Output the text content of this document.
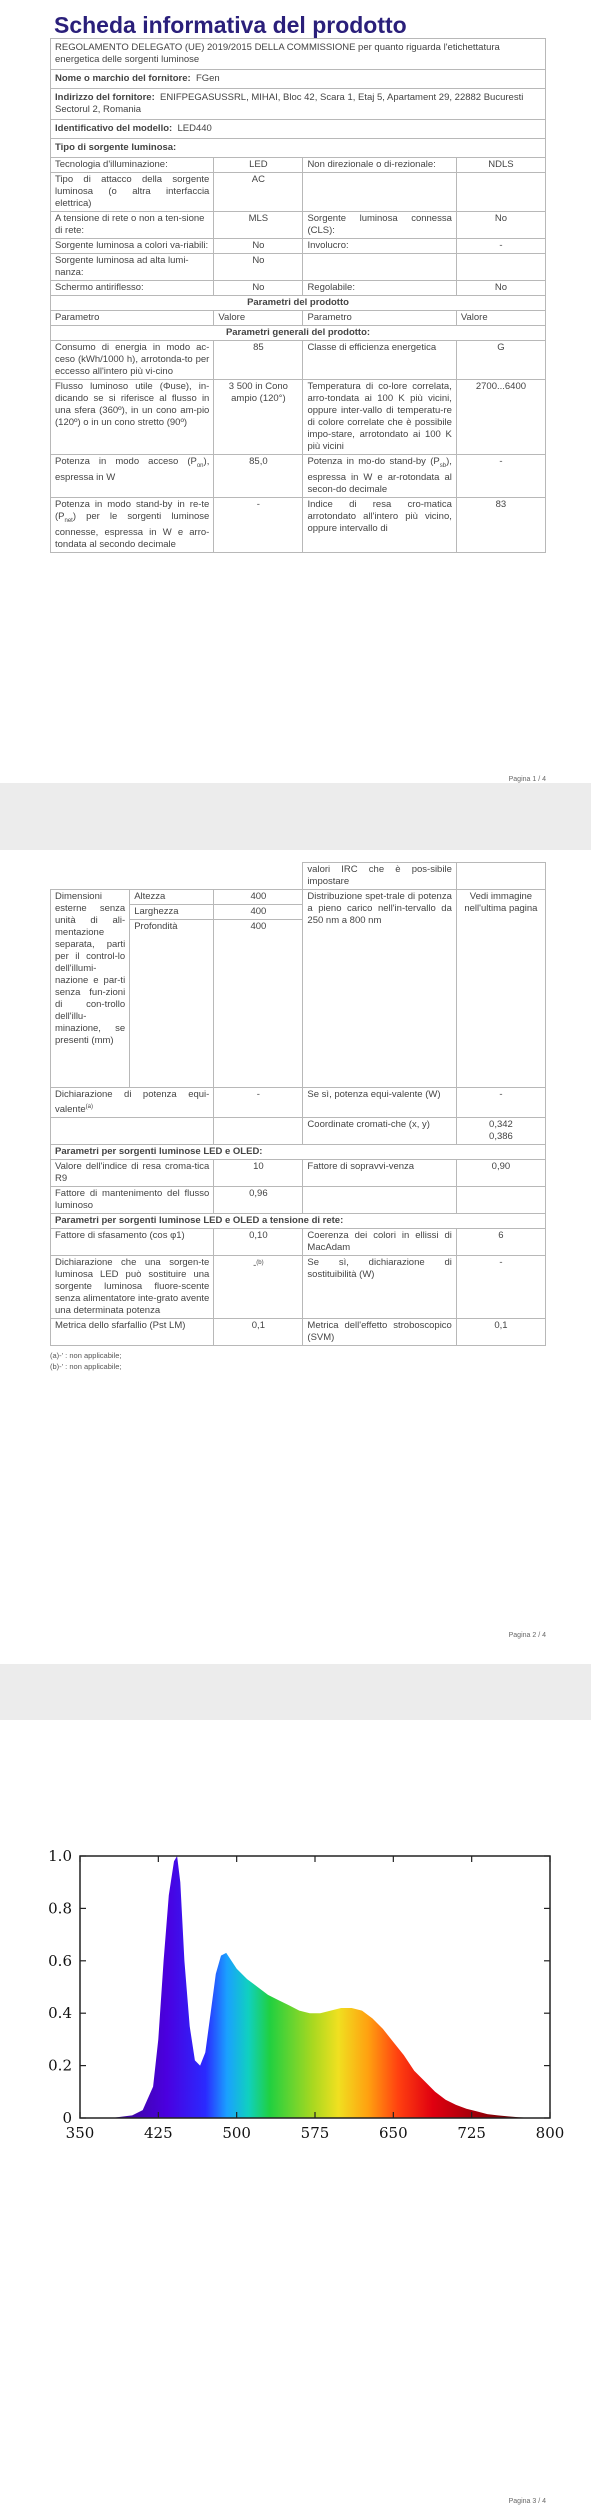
Scheda informativa del prodotto
REGOLAMENTO DELEGATO (UE) 2019/2015 DELLA COMMISSIONE per quanto riguarda l'etichettatura energetica delle sorgenti luminose			
Nome o marchio del fornitore: FGen			
Indirizzo del fornitore: ENIFPEGASUSSRL, MIHAI, Bloc 42, Scara 1, Etaj 5, Apartament 29, 22882 Bucuresti Sectorul 2, Romania			
Identificativo del modello: LED440			
Tipo di sorgente luminosa:			
Tecnologia d'illuminazione:	LED	Non direzionale o di-rezionale:	NDLS
Tipo di attacco della sorgente luminosa (o altra interfaccia elettrica)	AC		
A tensione di rete o non a ten-sione di rete:	MLS	Sorgente luminosa connessa (CLS):	No
Sorgente luminosa a colori va-riabili:	No	Involucro:	-
Sorgente luminosa ad alta lumi-nanza:	No		
Schermo antiriflesso:	No	Regolabile:	No
Parametri del prodotto			
Parametro	Valore	Parametro	Valore
Parametri generali del prodotto:			
Consumo di energia in modo ac-ceso (kWh/1000 h), arrotonda-to per eccesso all'intero più vi-cino	85	Classe di efficienza energetica	G
Flusso luminoso utile (Φuse), in-dicando se si riferisce al flusso in una sfera (360º), in un cono am-pio (120º) o in un cono stretto (90º)	3 500 in Cono ampio (120°)	Temperatura di co-lore correlata, arro-tondata ai 100 K più vicini, oppure inter-vallo di temperatu-re di colore correlate che è possibile impo-stare, arrotondato ai 100 K più vicini	2700...6400
Potenza in modo acceso $(P_{on})$, espressa in W	85,0	Potenza in mo-do stand-by $(P_{sb})$, espressa in W e ar-rotondata al secon-do decimale	-
Potenza in modo stand-by in re-te $(P_{net})$ per le sorgenti luminose connesse, espressa in W e arro-tondata al secondo decimale	-	Indice di resa cro-matica arrotondato all'intero più vicino, oppure intervallo di	83
Pagina 1 / 4
			valori IRC che è pos-sibile impostare	
Dimensioni esterne senza unità di ali-mentazione separata, parti per il control-lo dell'illumi-nazione e par-ti senza fun-zioni di con-trollo dell'illu-minazione, se presenti (mm)	Altezza	400	Distribuzione spet-trale di potenza a pieno carico nell'in-tervallo da 250 nm a 800 nm	Vedi immagine nell'ultima pagina
	Larghezza	400		
	Profondità	400		
Dichiarazione di potenza equi-valente$^{(a)}$		-	Se sì, potenza equi-valente (W)	-
			Coordinate cromati-che (x, y)	0,342
0,386

Parametri per sorgenti luminose LED e OLED:				
Valore dell'indice di resa croma-tica R9		10	Fattore di sopravvi-venza	0,90
Fattore di mantenimento del flusso luminoso		0,96		
Parametri per sorgenti luminose LED e OLED a tensione di rete:				
Fattore di sfasamento (cos φ1)		0,10	Coerenza dei colori in ellissi di MacAdam	6
Dichiarazione che una sorgen-te luminosa LED può sostituire una sorgente luminosa fluore-scente senza alimentatore inte-grato avente una determinata potenza		-$^{(b)}$	Se sì, dichiarazione di sostituibilità (W)	-
Metrica dello sfarfallio (Pst LM)		0,1	Metrica dell'effetto stroboscopico (SVM)	0,1
(a)-' : non applicabile;
(b)-' : non applicabile;
Pagina 2 / 4
350	425	500	575	650	725	800
0
0.2
0.4
0.6
0.8
1.0
Pagina 3 / 4
